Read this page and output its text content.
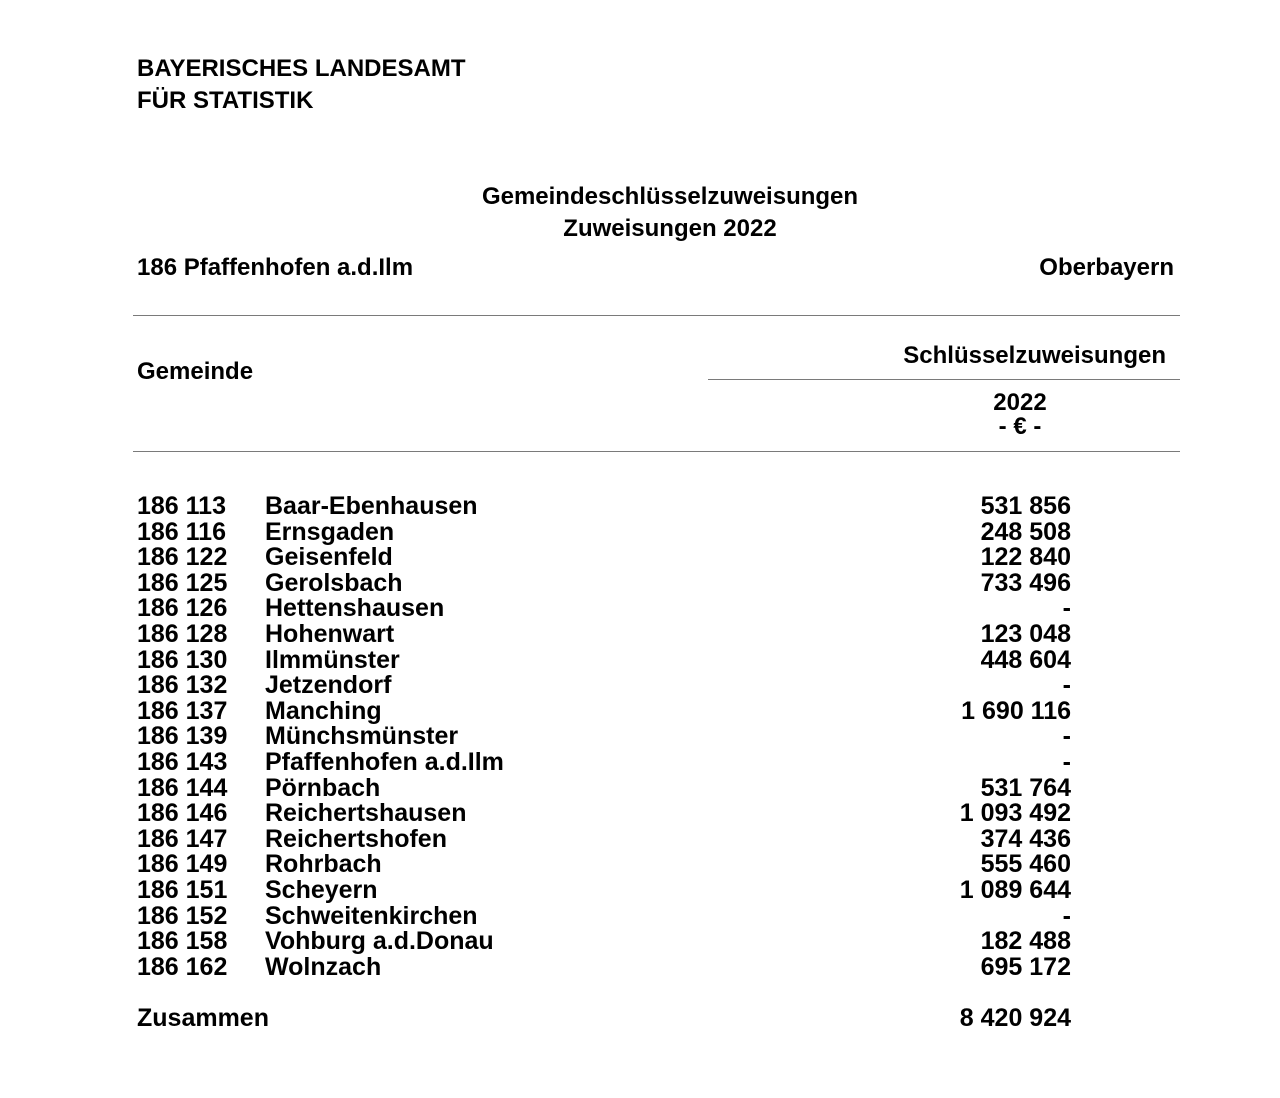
BAYERISCHES LANDESAMT
FÜR STATISTIK
Gemeindeschlüsselzuweisungen
Zuweisungen 2022
186 Pfaffenhofen a.d.Ilm	Oberbayern
Gemeinde
Schlüsselzuweisungen
2022
- € -
186 113 Baar-Ebenhausen	531 856
186 116 Ernsgaden	248 508
186 122 Geisenfeld	122 840
186 125 Gerolsbach	733 496
186 126 Hettenshausen	-
186 128 Hohenwart	123 048
186 130 Ilmmünster	448 604
186 132 Jetzendorf	-
186 137 Manching	1 690 116
186 139 Münchsmünster	-
186 143 Pfaffenhofen a.d.Ilm	-
186 144 Pörnbach	531 764
186 146 Reichertshausen	1 093 492
186 147 Reichertshofen	374 436
186 149 Rohrbach	555 460
186 151 Scheyern	1 089 644
186 152 Schweitenkirchen	-
186 158 Vohburg a.d.Donau	182 488
186 162 Wolnzach	695 172
Zusammen	8 420 924
